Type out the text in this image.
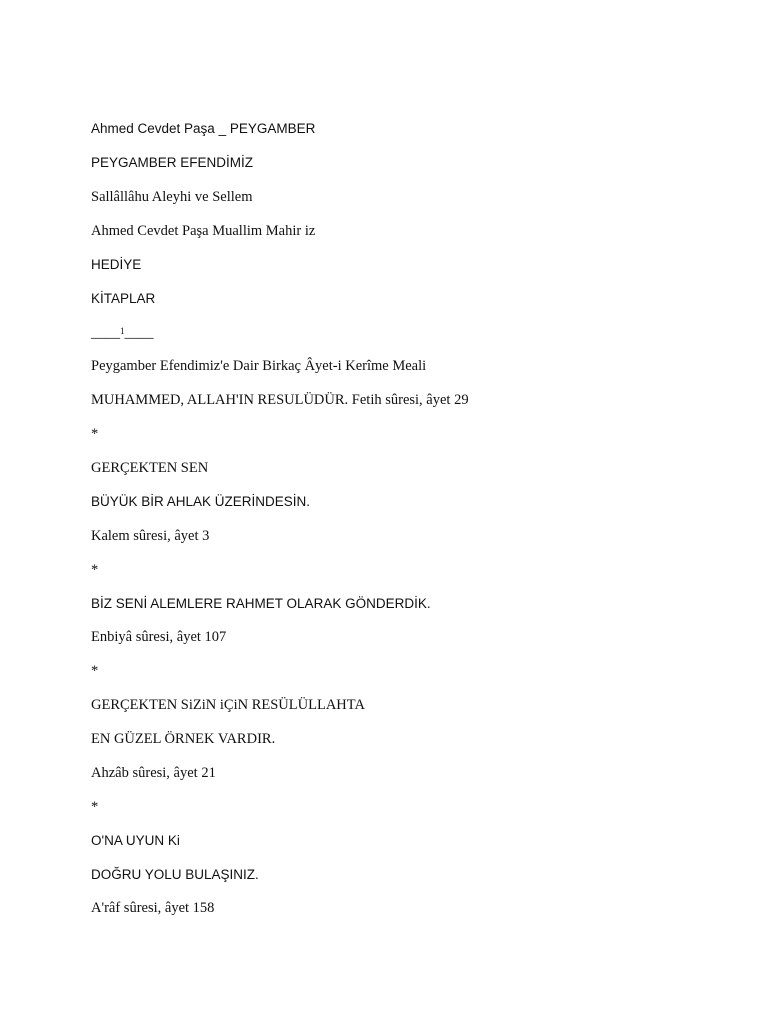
Ahmed Cevdet Paşa _ PEYGAMBER

PEYGAMBER EFENDİMİZ

Sallâllâhu Aleyhi ve Sellem

Ahmed Cevdet Paşa Muallim Mahir iz

HEDİYE

KİTAPLAR

____$^1$____

Peygamber Efendimiz'e Dair Birkaç Âyet-i Kerîme Meali

MUHAMMED, ALLAH'IN RESULÜDÜR. Fetih sûresi, âyet 29

*

GERÇEKTEN SEN

BÜYÜK BİR AHLAK ÜZERİNDESİN.

Kalem sûresi, âyet 3

*

BİZ SENİ ALEMLERE RAHMET OLARAK GÖNDERDİK.

Enbiyâ sûresi, âyet 107

*

GERÇEKTEN SiZiN iÇiN RESÜLÜLLAHTA

EN GÜZEL ÖRNEK VARDIR.

Ahzâb sûresi, âyet 21

*

O'NA UYUN Ki

DOĞRU YOLU BULAŞINIZ.

A'râf sûresi, âyet 158
